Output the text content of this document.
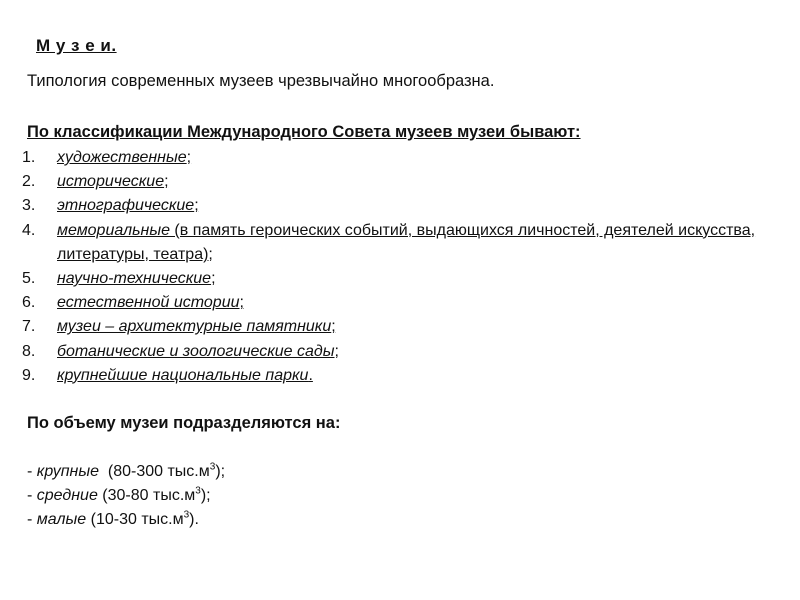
М у з е и.
Типология современных музеев чрезвычайно многообразна.
По классификации Международного Совета музеев музеи бывают:
1. художественные;
2. исторические;
3. этнографические;
4. мемориальные (в память героических событий, выдающихся личностей, деятелей искусства, литературы, театра);
5. научно-технические;
6. естественной истории;
7. музеи – архитектурные памятники;
8. ботанические и зоологические сады;
9. крупнейшие национальные парки.
По объему музеи подразделяются на:
- крупные  (80-300 $тыс.м^3$);
- средние (30-80 $тыс.м^3$);
- малые (10-30 $тыс.м^3$).
